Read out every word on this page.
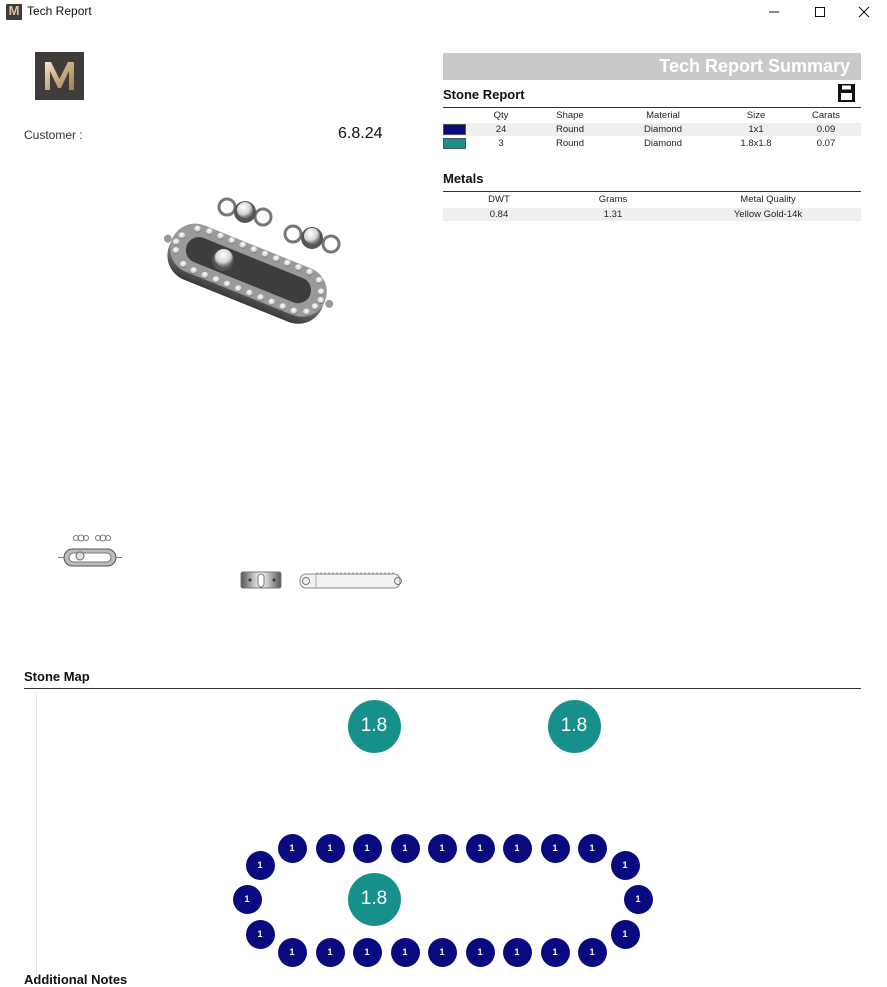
M Tech Report
Customer :	6.8.24
Tech Report Summary
Stone Report
Qty	Shape	Material	Size	Carats
24	Round	Diamond	1x1	0.09
3	Round	Diamond	1.8x1.8	0.07
Metals
DWT	Grams	Metal Quality
0.84	1.31	Yellow Gold-14k
Stone Map
1.8	1.8
1.8
1	1	1	1	1	1	1	1	1
1	1	1	1	1	1	1	1	1
1
1
1
1
1
1
Additional Notes
